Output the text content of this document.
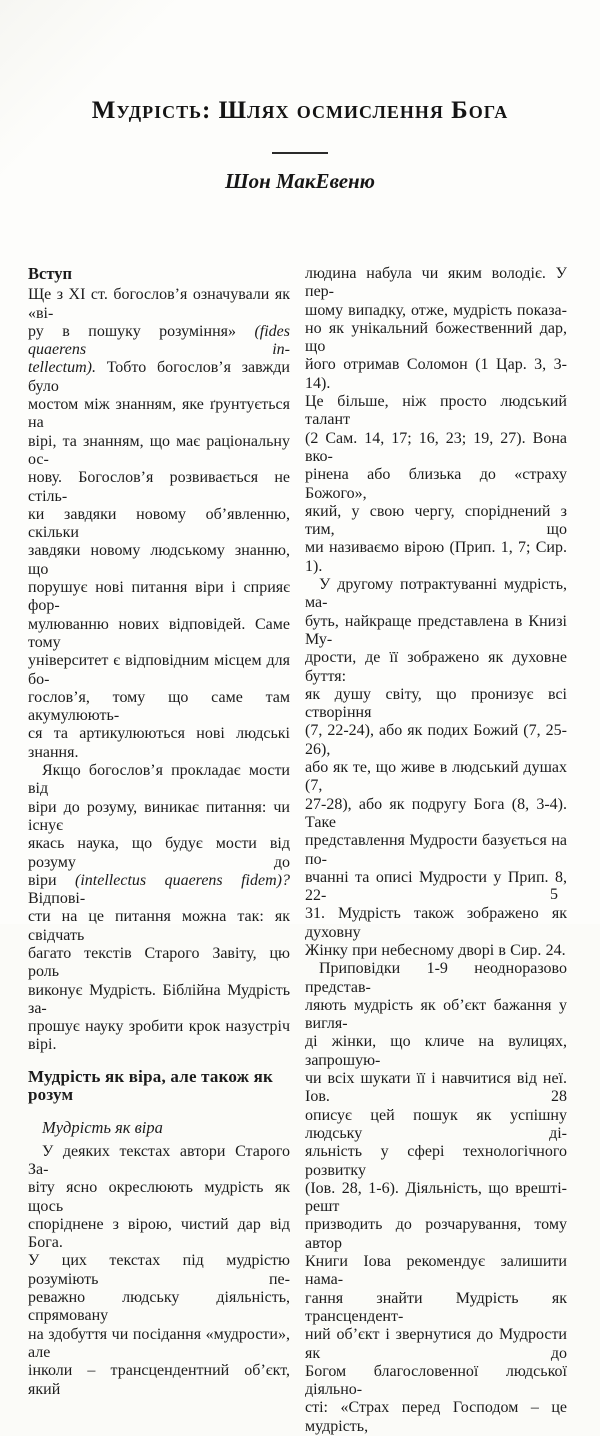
Мудрість: Шлях осмислення Бога
Шон МакЕвеню
Вступ
Ще з XI ст. богослов’я означували як «ві-
ру в пошуку розуміння» (fides quaerens in-
tellectum). Тобто богослов’я завжди було
мостом між знанням, яке ґрунтується на
вірі, та знанням, що має раціональну ос-
нову. Богослов’я розвивається не стіль-
ки завдяки новому об’явленню, скільки
завдяки новому людському знанню, що
порушує нові питання віри і сприяє фор-
мулюванню нових відповідей. Саме тому
університет є відповідним місцем для бо-
гослов’я, тому що саме там акумулюють-
ся та артикулюються нові людські знання.
Якщо богослов’я прокладає мости від
віри до розуму, виникає питання: чи існує
якась наука, що будує мости від розуму до
віри (intellectus quaerens fidem)? Відпові-
сти на це питання можна так: як свідчать
багато текстів Старого Завіту, цю роль
виконує Мудрість. Біблійна Мудрість за-
прошує науку зробити крок назустріч вірі.
Мудрість як віра, але також як розум
Мудрість як віра
У деяких текстах автори Старого За-
віту ясно окреслюють мудрість як щось
споріднене з вірою, чистий дар від Бога.
У цих текстах під мудрістю розуміють пе-
реважно людську діяльність, спрямовану
на здобуття чи посідання «мудрости», але
інколи – трансцендентний об’єкт, який
людина набула чи яким володіє. У пер-
шому випадку, отже, мудрість показа-
но як унікальний божественний дар, що
його отримав Соломон (1 Цар. 3, 3-14).
Це більше, ніж просто людський талант
(2 Сам. 14, 17; 16, 23; 19, 27). Вона вко-
рінена або близька до «страху Божого»,
який, у свою чергу, споріднений з тим, що
ми називаємо вірою (Прип. 1, 7; Сир. 1).
У другому потрактуванні мудрість, ма-
буть, найкраще представлена в Книзі Му-
дрости, де її зображено як духовне буття:
як душу світу, що пронизує всі створіння
(7, 22-24), або як подих Божий (7, 25-26),
або як те, що живе в людський душах (7,
27-28), або як подругу Бога (8, 3-4). Таке
представлення Мудрости базується на по-
вчанні та описі Мудрости у Прип. 8, 22-
31. Мудрість також зображено як духовну
Жінку при небесному дворі в Сир. 24.
Приповідки 1-9 неодноразово представ-
ляють мудрість як об’єкт бажання у вигля-
ді жінки, що кличе на вулицях, запрошую-
чи всіх шукати її і навчитися від неї. Іов. 28
описує цей пошук як успішну людську ді-
яльність у сфері технологічного розвитку
(Іов. 28, 1-6). Діяльність, що врешті-решт
призводить до розчарування, тому автор
Книги Іова рекомендує залишити нама-
гання знайти Мудрість як трансцендент-
ний об’єкт і звернутися до Мудрости як до
Богом благословенної людської діяльно-
сті: «Страх перед Господом – це мудрість,
5
